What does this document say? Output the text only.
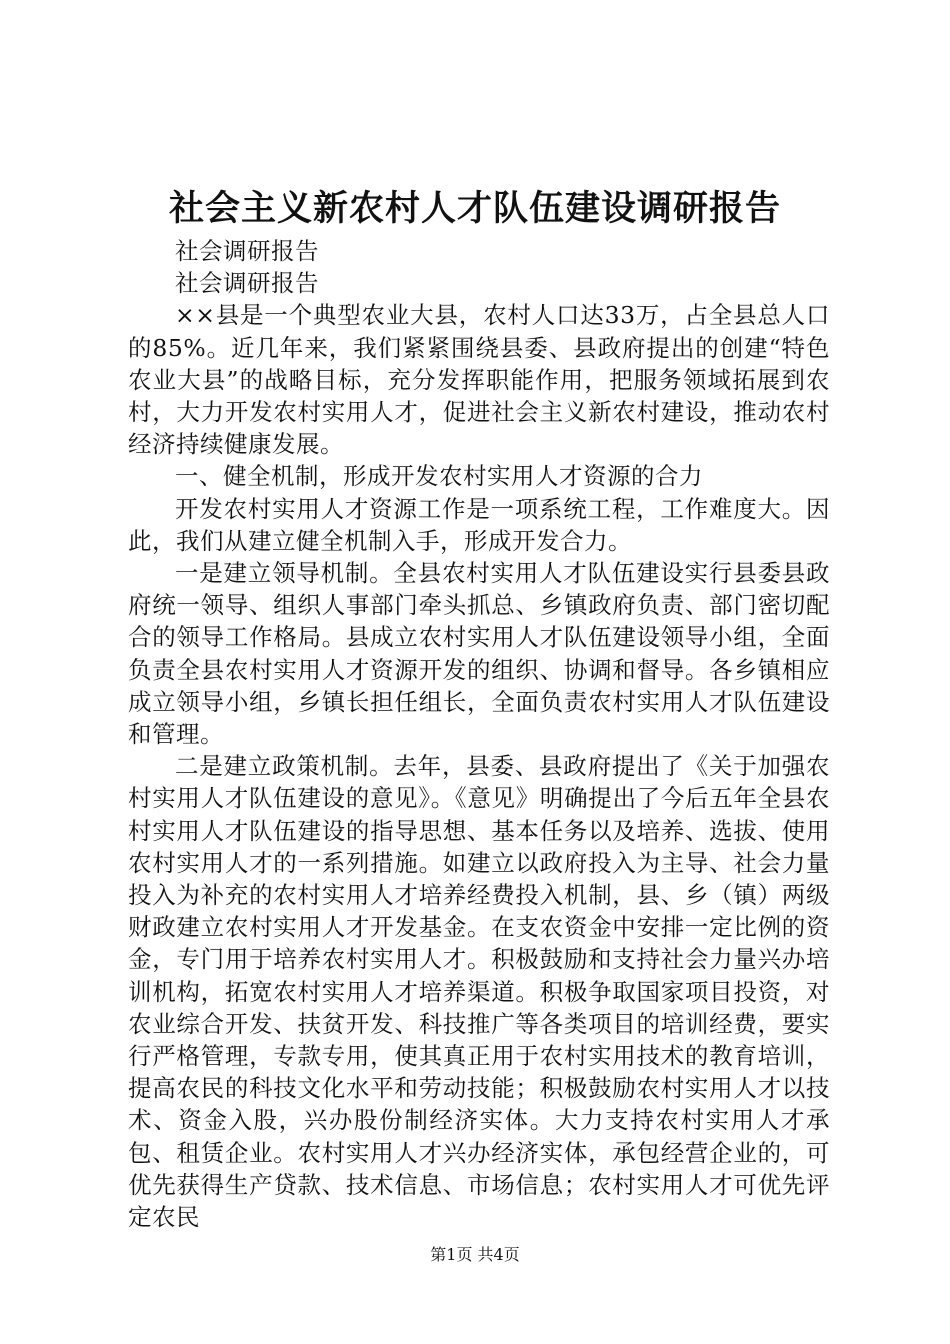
社会主义新农村人才队伍建设调研报告

社会调研报告

社会调研报告

××县是一个典型农业大县，农村人口达33万，占全县总人口的85%。近几年来，我们紧紧围绕县委、县政府提出的创建“特色农业大县”的战略目标，充分发挥职能作用，把服务领域拓展到农村，大力开发农村实用人才，促进社会主义新农村建设，推动农村经济持续健康发展。

一、健全机制，形成开发农村实用人才资源的合力

开发农村实用人才资源工作是一项系统工程，工作难度大。因此，我们从建立健全机制入手，形成开发合力。

一是建立领导机制。全县农村实用人才队伍建设实行县委县政府统一领导、组织人事部门牵头抓总、乡镇政府负责、部门密切配合的领导工作格局。县成立农村实用人才队伍建设领导小组，全面负责全县农村实用人才资源开发的组织、协调和督导。各乡镇相应成立领导小组，乡镇长担任组长，全面负责农村实用人才队伍建设和管理。

二是建立政策机制。去年，县委、县政府提出了《关于加强农村实用人才队伍建设的意见》。《意见》明确提出了今后五年全县农村实用人才队伍建设的指导思想、基本任务以及培养、选拔、使用农村实用人才的一系列措施。如建立以政府投入为主导、社会力量投入为补充的农村实用人才培养经费投入机制，县、乡（镇）两级财政建立农村实用人才开发基金。在支农资金中安排一定比例的资金，专门用于培养农村实用人才。积极鼓励和支持社会力量兴办培训机构，拓宽农村实用人才培养渠道。积极争取国家项目投资，对农业综合开发、扶贫开发、科技推广等各类项目的培训经费，要实行严格管理，专款专用，使其真正用于农村实用技术的教育培训，提高农民的科技文化水平和劳动技能；积极鼓励农村实用人才以技术、资金入股，兴办股份制经济实体。大力支持农村实用人才承包、租赁企业。农村实用人才兴办经济实体，承包经营企业的，可优先获得生产贷款、技术信息、市场信息；农村实用人才可优先评定农民

第1页 共4页
